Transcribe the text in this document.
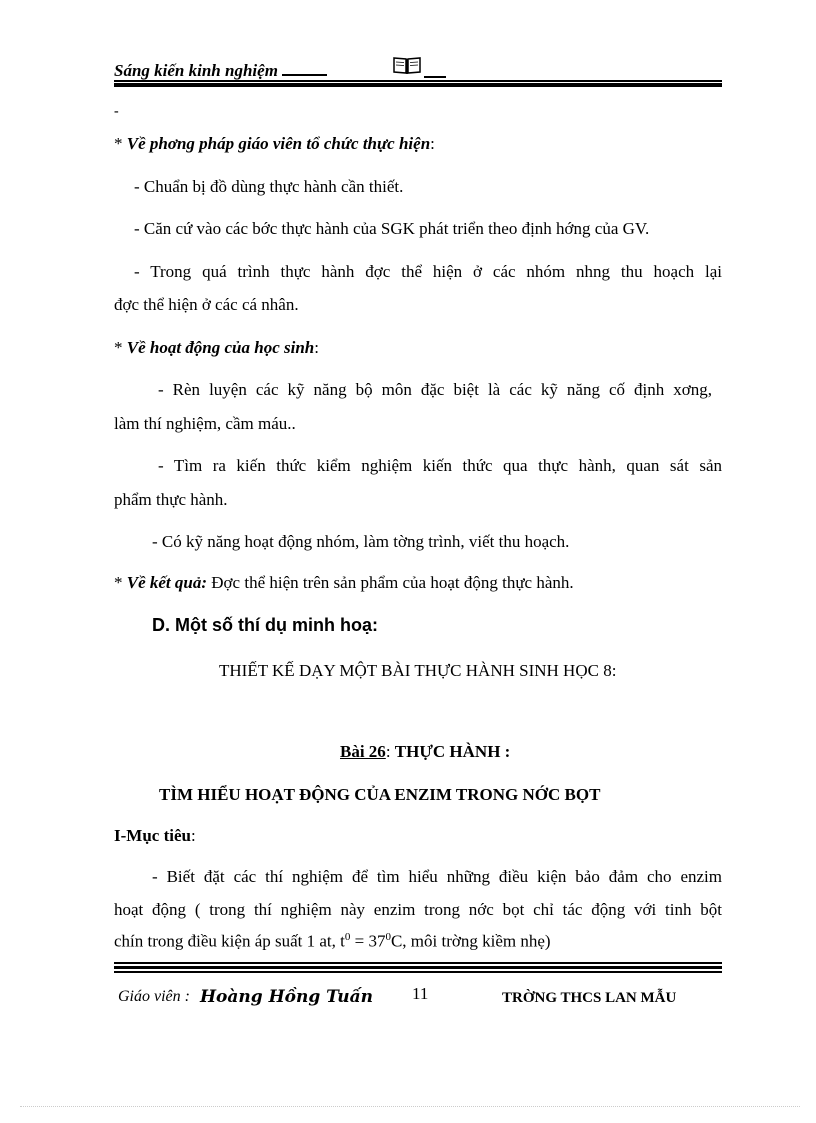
Sáng kiến kinh nghiệm
-
* Về phơng pháp giáo viên tổ chức thực hiện:
- Chuẩn bị đồ dùng thực hành cần thiết.
- Căn cứ vào các bớc thực hành của SGK phát triển theo định hớng của GV.
- Trong quá trình thực hành đợc thể hiện ở các nhóm nhng thu hoạch lại
đợc thể hiện ở các cá nhân.
* Về hoạt động của học sinh:
- Rèn luyện các kỹ năng bộ môn đặc biệt là các kỹ năng cố định xơng,
làm thí nghiệm, cầm máu..
- Tìm ra kiến thức kiểm nghiệm kiến thức qua thực hành, quan sát sản
phẩm thực hành.
- Có kỹ năng hoạt động nhóm, làm tờng trình, viết thu hoạch.
* Về kết quả: Đợc thể hiện trên sản phẩm của hoạt động thực hành.
D. Một số thí dụ minh hoạ:
THIẾT KẾ DẠY MỘT BÀI THỰC HÀNH SINH HỌC 8:
Bài 26: THỰC HÀNH :
TÌM HIỂU HOẠT ĐỘNG CỦA ENZIM TRONG NỚC BỌT
I-Mục tiêu:
- Biết đặt các thí nghiệm để tìm hiểu những điều kiện bảo đảm cho enzim
hoạt động ( trong thí nghiệm này enzim trong nớc bọt chỉ tác động với tinh bột
chín trong điều kiện áp suất 1 at, $t^0 = 37^0C$, môi trờng kiềm nhẹ)
Giáo viên : Hoàng Hồng Tuấn 11	TRỜNG THCS LAN MẪU
